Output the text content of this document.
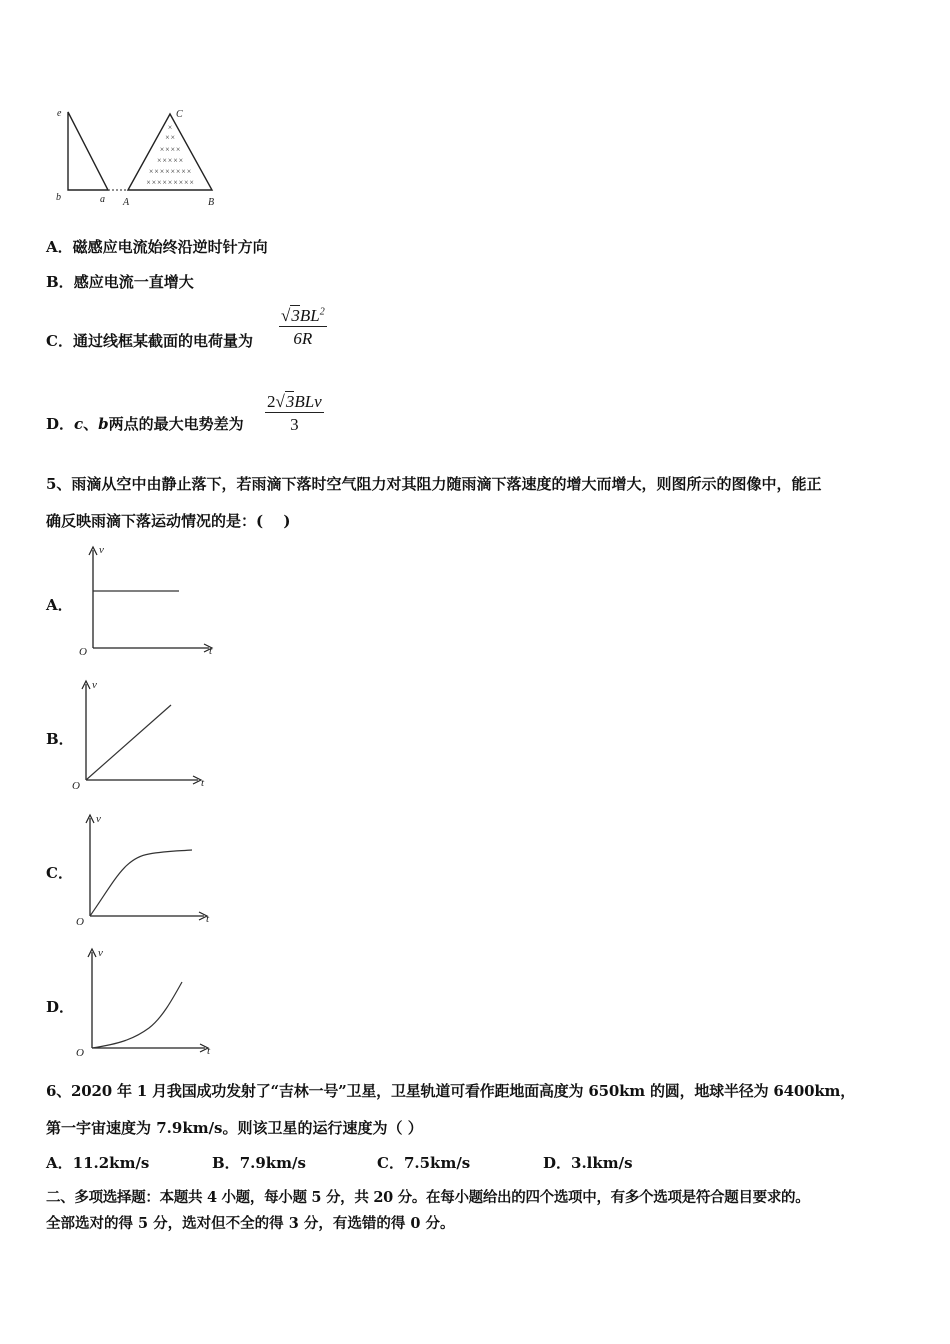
×
××
××××
×××××
××××××××
×××××××××
e
b	a A
C
B
A．磁感应电流始终沿逆时针方向
B．感应电流一直增大
C．通过线框某截面的电荷量为 $\frac{√3BL^2}{6R}$
D．c、b两点的最大电势差为
2√3BLv
3
5、雨滴从空中由静止落下，若雨滴下落时空气阻力对其阻力随雨滴下落速度的增大而增大，则图所示的图像中，能正
确反映雨滴下落运动情况的是：(　 )
A．
v
t
O
B．
v
t
O
C．
v
t
O
D．
v
t
O
6、2020 年 1 月我国成功发射了“吉林一号”卫星，卫星轨道可看作距地面高度为 650km 的圆，地球半径为 6400km，
第一宇宙速度为 7.9km/s。则该卫星的运行速度为（ ）
A．11.2km/s	B．7.9km/s	C．7.5km/s	D．3.lkm/s
二、多项选择题：本题共 4 小题，每小题 5 分，共 20 分。在每小题给出的四个选项中，有多个选项是符合题目要求的。
全部选对的得 5 分，选对但不全的得 3 分，有选错的得 0 分。
